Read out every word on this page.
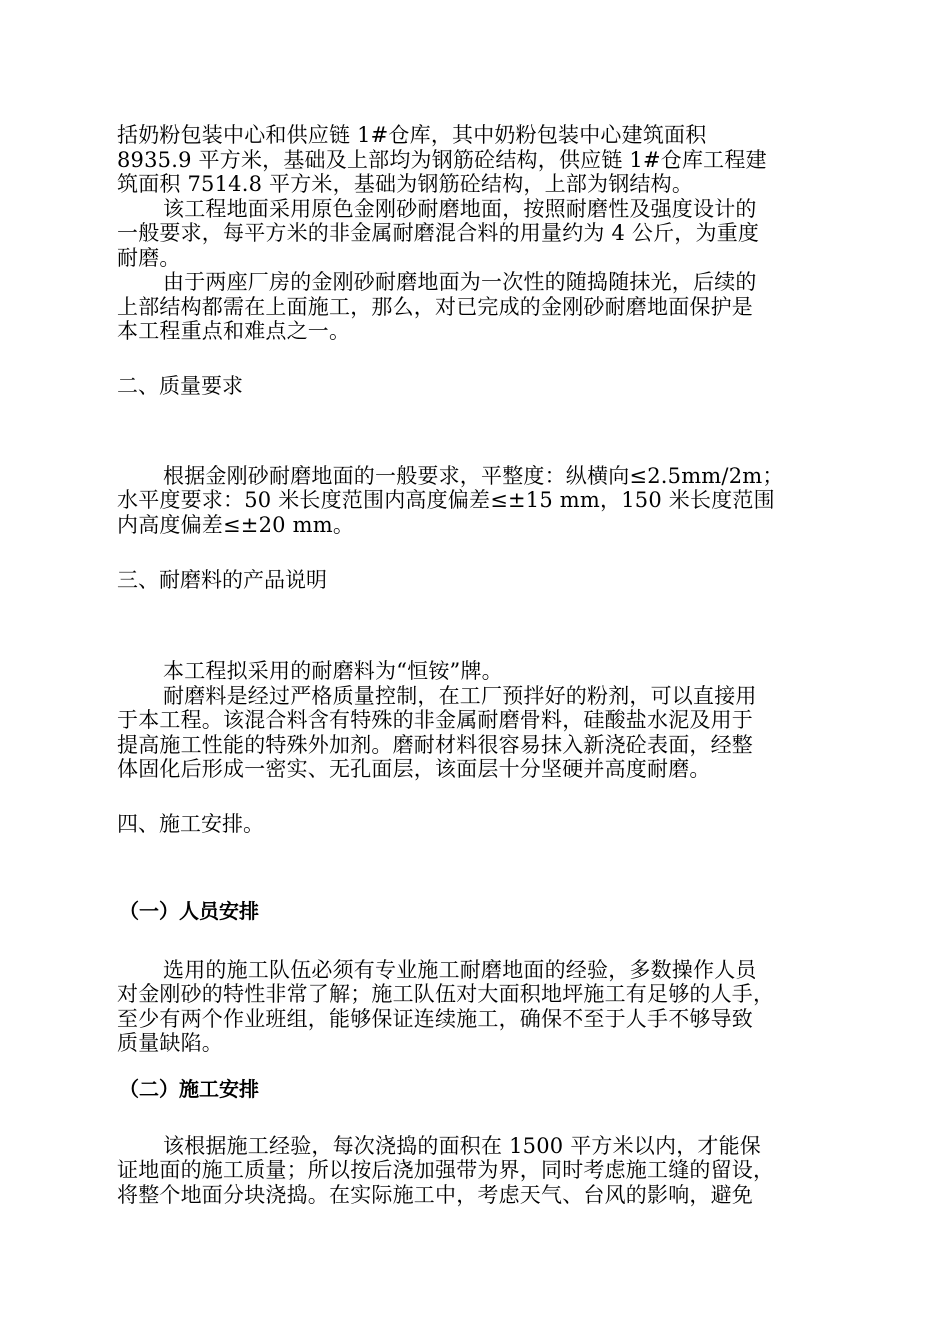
括奶粉包装中心和供应链 1#仓库，其中奶粉包装中心建筑面积
8935.9 平方米，基础及上部均为钢筋砼结构，供应链 1#仓库工程建
筑面积 7514.8 平方米，基础为钢筋砼结构，上部为钢结构。
该工程地面采用原色金刚砂耐磨地面，按照耐磨性及强度设计的
一般要求，每平方米的非金属耐磨混合料的用量约为 4 公斤，为重度
耐磨。
由于两座厂房的金刚砂耐磨地面为一次性的随捣随抹光，后续的
上部结构都需在上面施工，那么，对已完成的金刚砂耐磨地面保护是
本工程重点和难点之一。
二、质量要求
根据金刚砂耐磨地面的一般要求，平整度：纵横向≤2.5mm/2m；
水平度要求：50 米长度范围内高度偏差≤±15 mm，150 米长度范围
内高度偏差≤±20 mm。
三、耐磨料的产品说明
本工程拟采用的耐磨料为“恒铵”牌。
耐磨料是经过严格质量控制，在工厂预拌好的粉剂，可以直接用
于本工程。该混合料含有特殊的非金属耐磨骨料，硅酸盐水泥及用于
提高施工性能的特殊外加剂。磨耐材料很容易抹入新浇砼表面，经整
体固化后形成一密实、无孔面层，该面层十分坚硬并高度耐磨。
四、施工安排。
（一）人员安排
选用的施工队伍必须有专业施工耐磨地面的经验，多数操作人员
对金刚砂的特性非常了解；施工队伍对大面积地坪施工有足够的人手，
至少有两个作业班组，能够保证连续施工，确保不至于人手不够导致
质量缺陷。
（二）施工安排
该根据施工经验，每次浇捣的面积在 1500 平方米以内，才能保
证地面的施工质量；所以按后浇加强带为界，同时考虑施工缝的留设，
将整个地面分块浇捣。在实际施工中，考虑天气、台风的影响，避免
